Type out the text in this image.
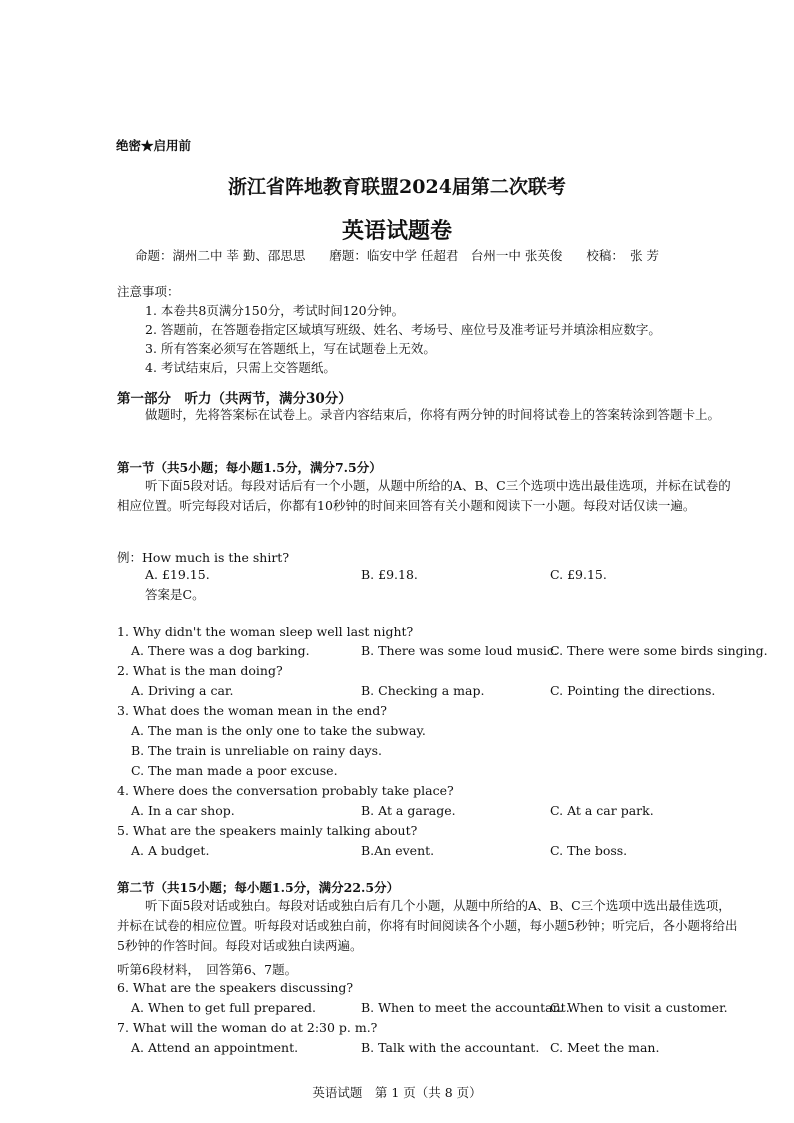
绝密★启用前
浙江省阵地教育联盟2024届第二次联考
英语试题卷
命题：湖州二中 莘 勤、邵思思 磨题：临安中学 任超君　台州一中 张英俊 校稿：　张 芳
注意事项：
1. 本卷共8页满分150分，考试时间120分钟。
2. 答题前，在答题卷指定区域填写班级、姓名、考场号、座位号及准考证号并填涂相应数字。
3. 所有答案必须写在答题纸上，写在试题卷上无效。
4. 考试结束后，只需上交答题纸。
第一部分　听力（共两节，满分30分）
做题时，先将答案标在试卷上。录音内容结束后，你将有两分钟的时间将试卷上的答案转涂到答题卡上。
第一节（共5小题；每小题1.5分，满分7.5分）
听下面5段对话。每段对话后有一个小题，从题中所给的A、B、C三个选项中选出最佳选项，并标在试卷的相应位置。听完每段对话后，你都有10秒钟的时间来回答有关小题和阅读下一小题。每段对话仅读一遍。
例：How much is the shirt?
A. £19.15.	B. £9.18.	C. £9.15.
答案是C。
1. Why didn't the woman sleep well last night?
A. There was a dog barking.	B. There was some loud music.
C. There were some birds singing.
2. What is the man doing?
A. Driving a car.	B. Checking a map.	C. Pointing the directions.
3. What does the woman mean in the end?
A. The man is the only one to take the subway.
B. The train is unreliable on rainy days.
C. The man made a poor excuse.
4. Where does the conversation probably take place?
A. In a car shop.	B. At a garage.	C. At a car park.
5. What are the speakers mainly talking about?
A. A budget.	B.An event.	C. The boss.
第二节（共15小题；每小题1.5分，满分22.5分）
听下面5段对话或独白。每段对话或独白后有几个小题，从题中所给的A、B、C三个选项中选出最佳选项，并标在试卷的相应位置。听每段对话或独白前，你将有时间阅读各个小题，每小题5秒钟；听完后，各小题将给出5秒钟的作答时间。每段对话或独白读两遍。
听第6段材料，　回答第6、7题。
6. What are the speakers discussing?
A. When to get full prepared.	B. When to meet the accountant.
C. When to visit a customer.
7. What will the woman do at 2:30 p. m.?
A. Attend an appointment.	B. Talk with the accountant. C. Meet the man.
英语试题　第 1 页（共 8 页）
